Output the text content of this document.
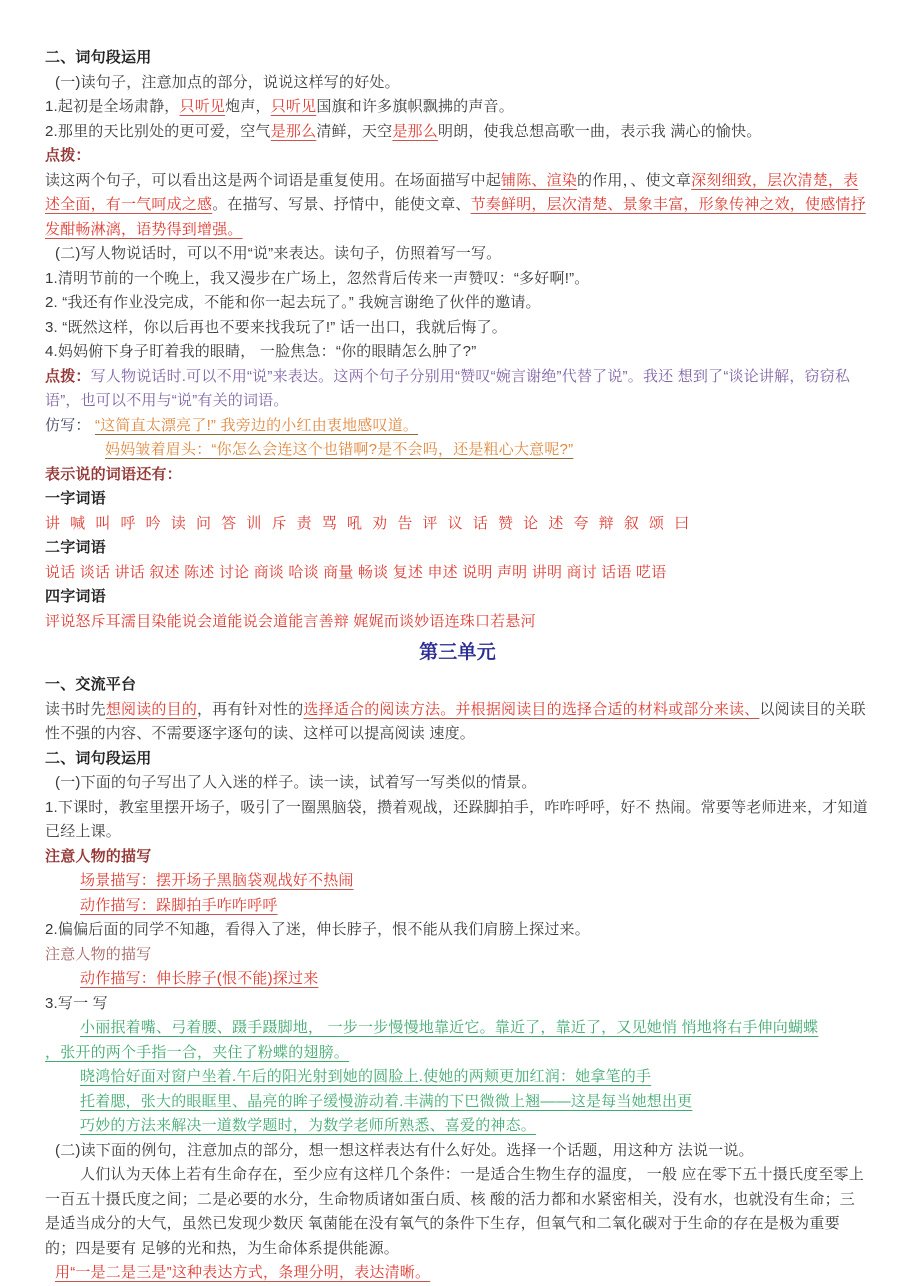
二、词句段运用
(一)读句子，注意加点的部分，说说这样写的好处。
1.起初是全场肃静，只听见炮声，只听见国旗和许多旗帜飘拂的声音。
2.那里的天比别处的更可爱，空气是那么清鲜，天空是那么明朗，使我总想高歌一曲，表示我 满心的愉快。
点拨：
读这两个句子，可以看出这是两个词语是重复使用。在场面描写中起铺陈、渲染的作用，、使文章深刻细致，层次清楚，表述全面，有一气呵成之感。在描写、写景、抒情中，能使文章、节奏鲜明，层次清楚、景象丰富，形象传神之效，使感情抒发酣畅淋漓，语势得到增强。
(二)写人物说话时，可以不用“说”来表达。读句子，仿照着写一写。
1.清明节前的一个晚上，我又漫步在广场上，忽然背后传来一声赞叹：“多好啊!”。
2. “我还有作业没完成，不能和你一起去玩了。” 我婉言谢绝了伙伴的邀请。
3. “既然这样，你以后再也不要来找我玩了!” 话一出口，我就后悔了。
4.妈妈俯下身子盯着我的眼睛， 一脸焦急：“你的眼睛怎么肿了?”
点拨：写人物说话时.可以不用“说”来表达。这两个句子分别用“赞叹“婉言谢绝”代替了说”。我还 想到了“谈论讲解，窃窃私语”，也可以不用与“说”有关的词语。
仿写： “这简直太漂亮了!” 我旁边的小红由衷地感叹道。
妈妈皱着眉头：“你怎么会连这个也错啊?是不会吗，还是粗心大意呢?”
表示说的词语还有：
一字词语
讲 喊 叫 呼 吟 读 问 答 训 斥 责 骂 吼 劝 告 评 议 话 赞 论 述 夸 辩 叙 颂 曰
二字词语
说话 谈话 讲话 叙述 陈述 讨论 商谈 哈谈 商量 畅谈 复述 申述 说明 声明 讲明 商讨 话语 呓语
四字词语
评说怒斥耳濡目染能说会道能说会道能言善辩 娓娓而谈妙语连珠口若悬河
第三单元
一、交流平台
读书时先想阅读的目的，再有针对性的选择适合的阅读方法。并根据阅读目的选择合适的材料或部分来读、以阅读目的关联性不强的内容、不需要逐字逐句的读、这样可以提高阅读 速度。
二、词句段运用
(一)下面的句子写出了人入迷的样子。读一读，试着写一写类似的情景。
1.下课时，教室里摆开场子，吸引了一圈黑脑袋，攒着观战，还跺脚拍手，咋咋呼呼，好不 热闹。常要等老师进来，才知道已经上课。
注意人物的描写
场景描写：摆开场子黑脑袋观战好不热闹
动作描写：跺脚拍手咋咋呼呼
2.偏偏后面的同学不知趣，看得入了迷，伸长脖子，恨不能从我们肩膀上探过来。
注意人物的描写
动作描写：伸长脖子(恨不能)探过来
3.写一 写
小丽抿着嘴、弓着腰、蹑手蹑脚地， 一步一步慢慢地靠近它。靠近了，靠近了，又见她悄 悄地将右手伸向蝴蝶
，张开的两个手指一合，夹住了粉蝶的翅膀。
晓鸿恰好面对窗户坐着.午后的阳光射到她的圆脸上.使她的两颊更加红润：她拿笔的手
托着腮，张大的眼眶里、晶亮的眸子缓慢游动着.丰满的下巴微微上翘——这是每当她想出更
巧妙的方法来解决一道数学题时，为数学老师所熟悉、喜爱的神态。
(二)读下面的例句，注意加点的部分，想一想这样表达有什么好处。选择一个话题，用这种方 法说一说。
人们认为天体上若有生命存在，至少应有这样几个条件：一是适合生物生存的温度， 一般 应在零下五十摄氏度至零上一百五十摄氏度之间；二是必要的水分，生命物质诸如蛋白质、核 酸的活力都和水紧密相关，没有水，也就没有生命；三是适当成分的大气，虽然已发现少数厌 氧菌能在没有氧气的条件下生存，但氧气和二氧化碳对于生命的存在是极为重要的；四是要有 足够的光和热，为生命体系提供能源。
用“一是二是三是”这种表达方式，条理分明，表达清晰。
